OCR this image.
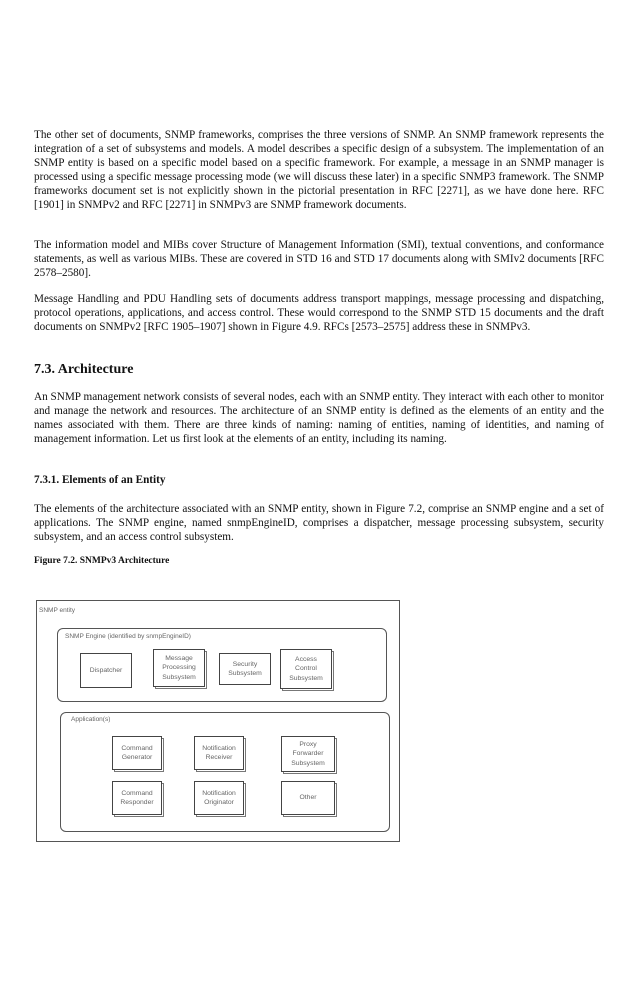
The other set of documents, SNMP frameworks, comprises the three versions of SNMP. An SNMP framework represents the integration of a set of subsystems and models. A model describes a specific design of a subsystem. The implementation of an SNMP entity is based on a specific model based on a specific framework. For example, a message in an SNMP manager is processed using a specific message processing mode (we will discuss these later) in a specific SNMP3 framework. The SNMP frameworks document set is not explicitly shown in the pictorial presentation in RFC [2271], as we have done here. RFC [1901] in SNMPv2 and RFC [2271] in SNMPv3 are SNMP framework documents.

The information model and MIBs cover Structure of Management Information (SMI), textual conventions, and conformance statements, as well as various MIBs. These are covered in STD 16 and STD 17 documents along with SMIv2 documents [RFC 2578–2580].

Message Handling and PDU Handling sets of documents address transport mappings, message processing and dispatching, protocol operations, applications, and access control. These would correspond to the SNMP STD 15 documents and the draft documents on SNMPv2 [RFC 1905–1907] shown in Figure 4.9. RFCs [2573–2575] address these in SNMPv3.

7.3. Architecture

An SNMP management network consists of several nodes, each with an SNMP entity. They interact with each other to monitor and manage the network and resources. The architecture of an SNMP entity is defined as the elements of an entity and the names associated with them. There are three kinds of naming: naming of entities, naming of identities, and naming of management information. Let us first look at the elements of an entity, including its naming.

7.3.1. Elements of an Entity

The elements of the architecture associated with an SNMP entity, shown in Figure 7.2, comprise an SNMP engine and a set of applications. The SNMP engine, named snmpEngineID, comprises a dispatcher, message processing subsystem, security subsystem, and an access control subsystem.

Figure 7.2. SNMPv3 Architecture
SNMP entity
SNMP Engine (identified by snmpEngineID)
Dispatcher
Message
Processing
Subsystem
Security
Subsystem
Access
Control
Subsystem
Application(s)
Command
Generator
Notification
Receiver
Proxy
Forwarder
Subsystem
Command
Responder
Notification
Originator
Other
